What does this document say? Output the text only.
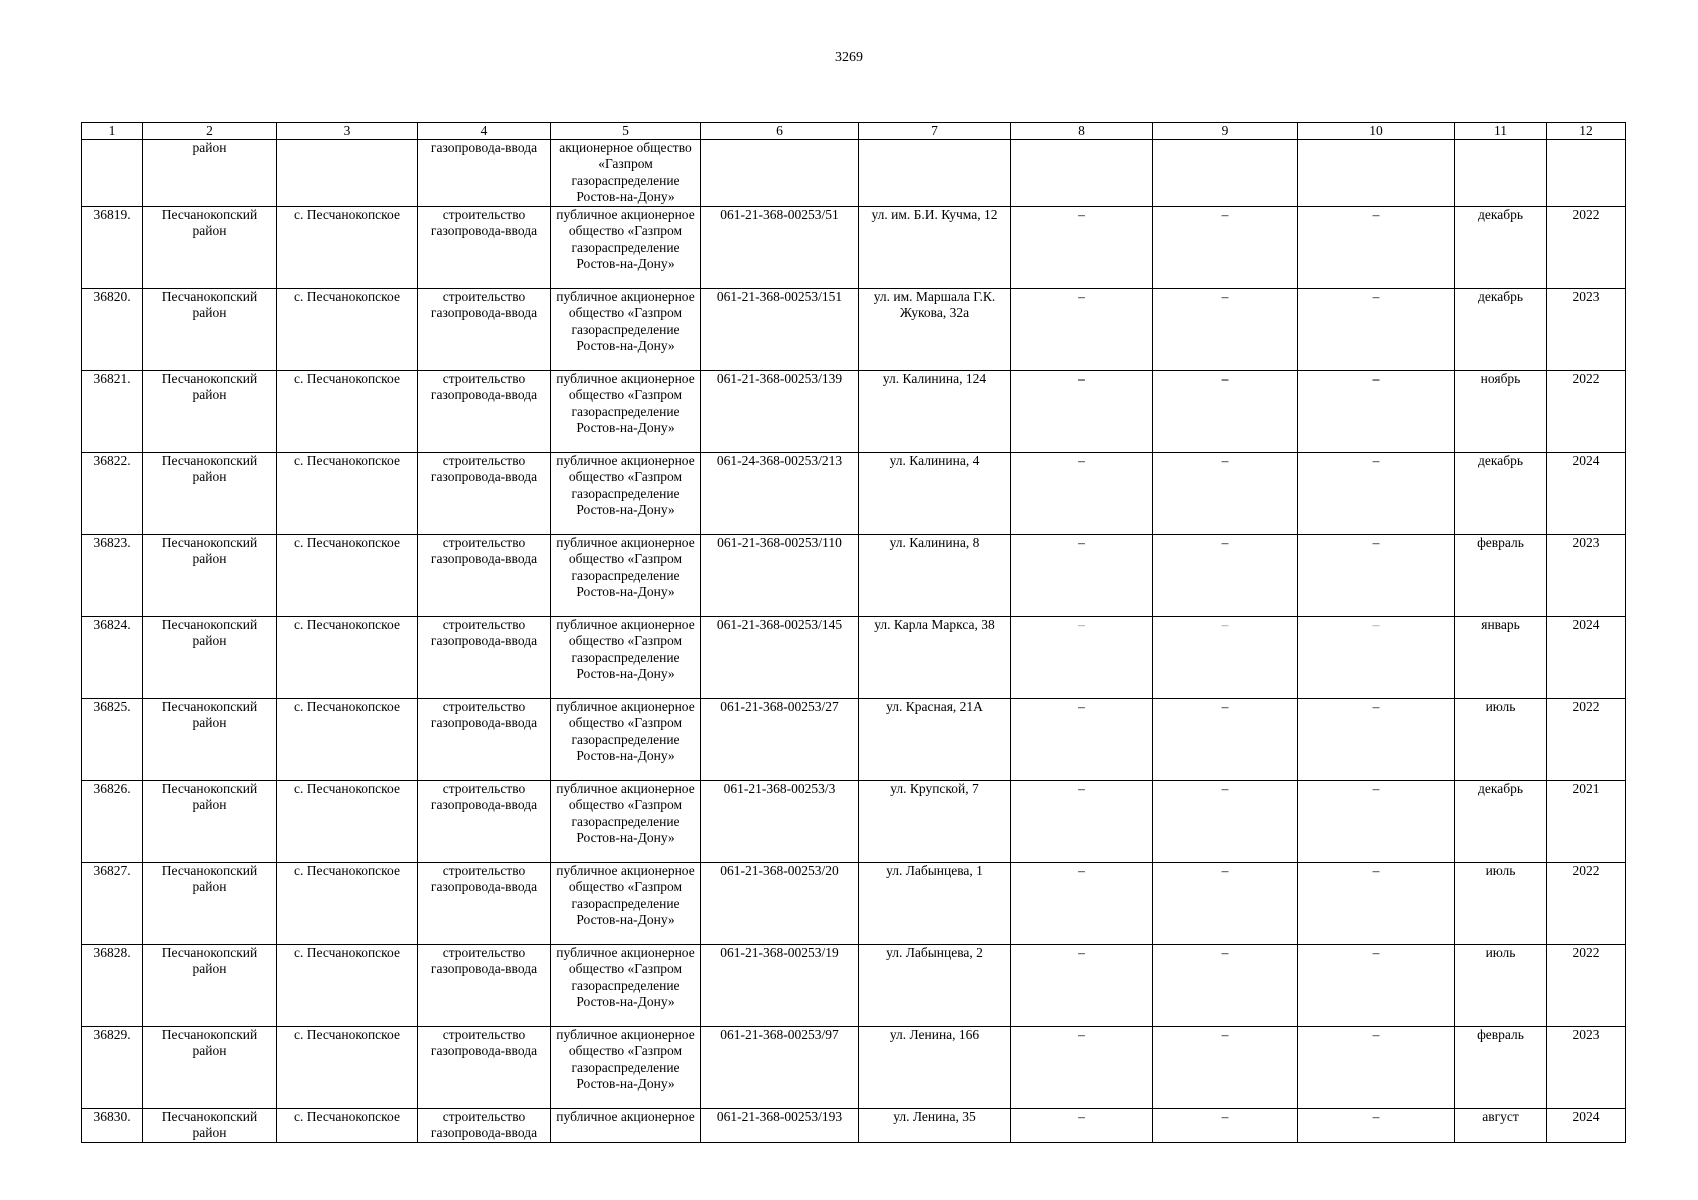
3269
1	2	3	4	5	6	7	8	9	10	11	12
	район		газопровода-ввода	акционерное общество «Газпром газораспределение Ростов-на-Дону»							
36819.	Песчанокопский район	с. Песчанокопское	строительство газопровода-ввода	публичное акционерное общество «Газпром газораспределение Ростов-на-Дону»	061-21-368-00253/51	ул. им. Б.И. Кучма, 12	–	–	–	декабрь	2022
36820.	Песчанокопский район	с. Песчанокопское	строительство газопровода-ввода	публичное акционерное общество «Газпром газораспределение Ростов-на-Дону»	061-21-368-00253/151	ул. им. Маршала Г.К. Жукова, 32а	–	–	–	декабрь	2023
36821.	Песчанокопский район	с. Песчанокопское	строительство газопровода-ввода	публичное акционерное общество «Газпром газораспределение Ростов-на-Дону»	061-21-368-00253/139	ул. Калинина, 124	–	–	–	ноябрь	2022
36822.	Песчанокопский район	с. Песчанокопское	строительство газопровода-ввода	публичное акционерное общество «Газпром газораспределение Ростов-на-Дону»	061-24-368-00253/213	ул. Калинина, 4	–	–	–	декабрь	2024
36823.	Песчанокопский район	с. Песчанокопское	строительство газопровода-ввода	публичное акционерное общество «Газпром газораспределение Ростов-на-Дону»	061-21-368-00253/110	ул. Калинина, 8	–	–	–	февраль	2023
36824.	Песчанокопский район	с. Песчанокопское	строительство газопровода-ввода	публичное акционерное общество «Газпром газораспределение Ростов-на-Дону»	061-21-368-00253/145	ул. Карла Маркса, 38	–	–	–	январь	2024
36825.	Песчанокопский район	с. Песчанокопское	строительство газопровода-ввода	публичное акционерное общество «Газпром газораспределение Ростов-на-Дону»	061-21-368-00253/27	ул. Красная, 21А	–	–	–	июль	2022
36826.	Песчанокопский район	с. Песчанокопское	строительство газопровода-ввода	публичное акционерное общество «Газпром газораспределение Ростов-на-Дону»	061-21-368-00253/3	ул. Крупской, 7	–	–	–	декабрь	2021
36827.	Песчанокопский район	с. Песчанокопское	строительство газопровода-ввода	публичное акционерное общество «Газпром газораспределение Ростов-на-Дону»	061-21-368-00253/20	ул. Лабынцева, 1	–	–	–	июль	2022
36828.	Песчанокопский район	с. Песчанокопское	строительство газопровода-ввода	публичное акционерное общество «Газпром газораспределение Ростов-на-Дону»	061-21-368-00253/19	ул. Лабынцева, 2	–	–	–	июль	2022
36829.	Песчанокопский район	с. Песчанокопское	строительство газопровода-ввода	публичное акционерное общество «Газпром газораспределение Ростов-на-Дону»	061-21-368-00253/97	ул. Ленина, 166	–	–	–	февраль	2023
36830.	Песчанокопский район	с. Песчанокопское	строительство газопровода-ввода	публичное акционерное	061-21-368-00253/193	ул. Ленина, 35	–	–	–	август	2024
